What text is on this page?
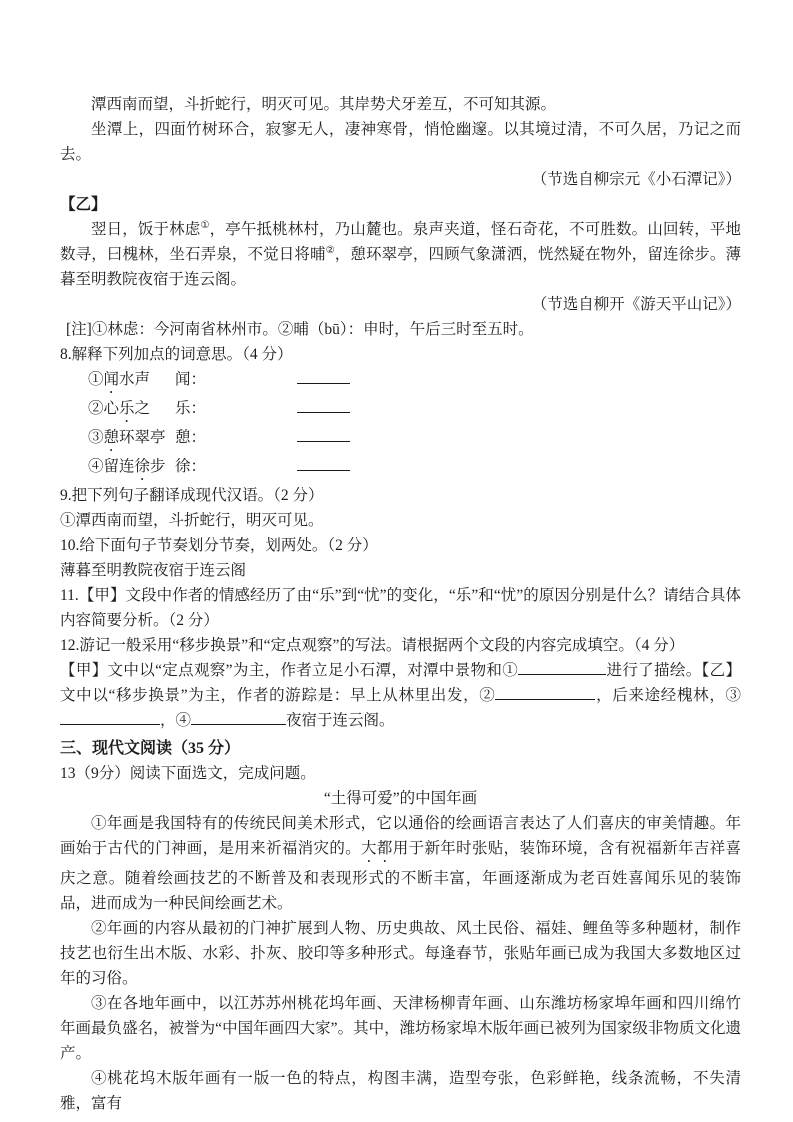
潭西南而望，斗折蛇行，明灭可见。其岸势犬牙差互，不可知其源。

坐潭上，四面竹树环合，寂寥无人，凄神寒骨，悄怆幽邃。以其境过清，不可久居，乃记之而去。

（节选自柳宗元《小石潭记》）

【乙】

翌日，饭于林虑①，亭午抵桃林村，乃山麓也。泉声夹道，怪石奇花，不可胜数。山回转，平地数寻，曰槐林，坐石弄泉，不觉日将晡②，憩环翠亭，四顾气象潇洒，恍然疑在物外，留连徐步。薄暮至明教院夜宿于连云阁。

（节选自柳开《游天平山记》）

[注]①林虑：今河南省林州市。②晡（bū）：申时，午后三时至五时。

8.解释下列加点的词意思。（4 分）

①闻水声	闻：
②心乐之	乐：
③憩环翠亭 憩：
④留连徐步 徐：

9.把下列句子翻译成现代汉语。（2 分）

①潭西南而望，斗折蛇行，明灭可见。

10.给下面句子节奏划分节奏，划两处。（2 分）

薄暮至明教院夜宿于连云阁

11.【甲】文段中作者的情感经历了由“乐”到“忧”的变化，“乐”和“忧”的原因分别是什么？请结合具体内容简要分析。（2 分）

12.游记一般采用“移步换景”和“定点观察”的写法。请根据两个文段的内容完成填空。（4 分）

【甲】文中以“定点观察”为主，作者立足小石潭，对潭中景物和①	进行了描绘。【乙】文中以“移步换景”为主，作者的游踪是：早上从林里出发，②	，后来途经槐林，③，④	夜宿于连云阁。

三、现代文阅读（35 分）

13（9分）阅读下面选文，完成问题。

“土得可爱”的中国年画

①年画是我国特有的传统民间美术形式，它以通俗的绘画语言表达了人们喜庆的审美情趣。年画始于古代的门神画，是用来祈福消灾的。大都用于新年时张贴，装饰环境，含有祝福新年吉祥喜庆之意。随着绘画技艺的不断普及和表现形式的不断丰富，年画逐渐成为老百姓喜闻乐见的装饰品，进而成为一种民间绘画艺术。

②年画的内容从最初的门神扩展到人物、历史典故、风土民俗、福娃、鲤鱼等多种题材，制作技艺也衍生出木版、水彩、扑灰、胶印等多种形式。每逢春节，张贴年画已成为我国大多数地区过年的习俗。

③在各地年画中，以江苏苏州桃花坞年画、天津杨柳青年画、山东潍坊杨家埠年画和四川绵竹年画最负盛名，被誉为“中国年画四大家”。其中，潍坊杨家埠木版年画已被列为国家级非物质文化遗产。

④桃花坞木版年画有一版一色的特点，构图丰满，造型夸张，色彩鲜艳，线条流畅，不失清雅，富有
